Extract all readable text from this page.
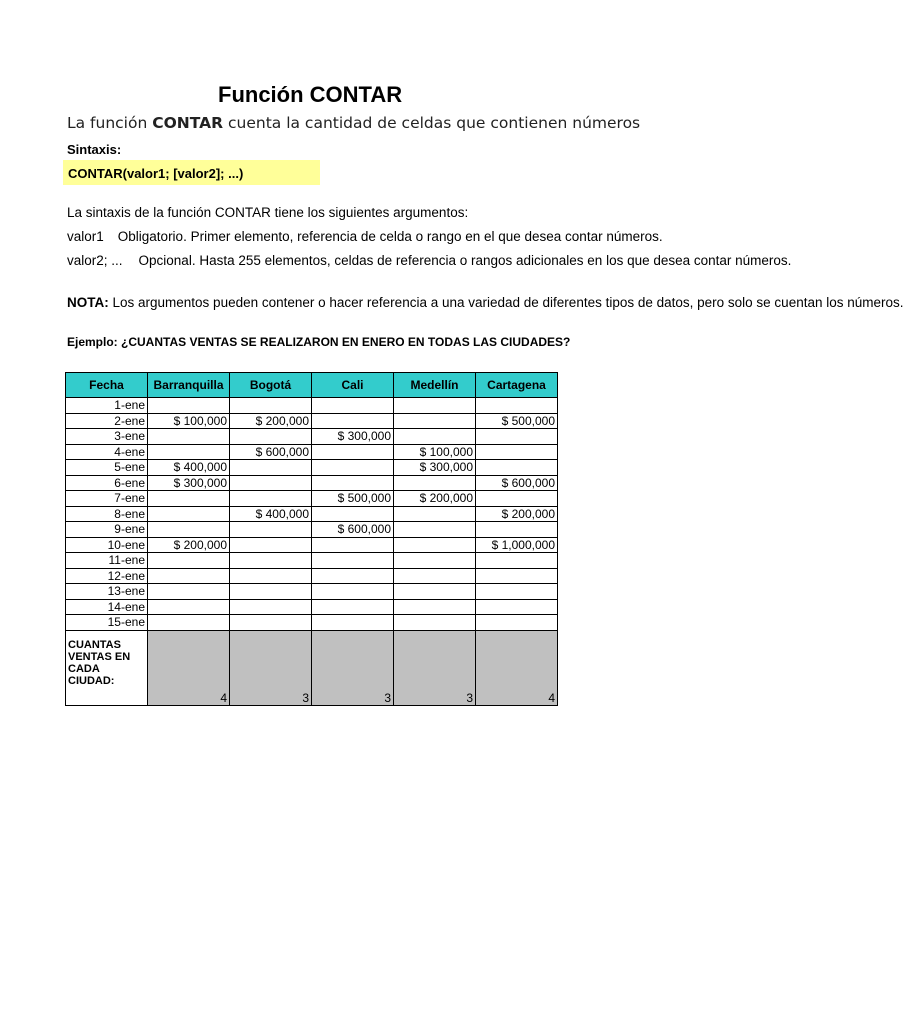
Función CONTAR
La función CONTAR cuenta la cantidad de celdas que contienen números
Sintaxis:
CONTAR(valor1; [valor2]; ...)
La sintaxis de la función CONTAR tiene los siguientes argumentos:
valor1 Obligatorio. Primer elemento, referencia de celda o rango en el que desea contar números.
valor2; ... Opcional. Hasta 255 elementos, celdas de referencia o rangos adicionales en los que desea contar números.
NOTA: Los argumentos pueden contener o hacer referencia a una variedad de diferentes tipos de datos, pero solo se cuentan los números.
Ejemplo: ¿CUANTAS VENTAS SE REALIZARON EN ENERO EN TODAS LAS CIUDADES?
Fecha	Barranquilla	Bogotá	Cali	Medellín	Cartagena
1-ene					
2-ene	$ 100,000	$ 200,000			$ 500,000
3-ene			$ 300,000		
4-ene		$ 600,000		$ 100,000	
5-ene	$ 400,000			$ 300,000	
6-ene	$ 300,000				$ 600,000
7-ene			$ 500,000	$ 200,000	
8-ene		$ 400,000			$ 200,000
9-ene			$ 600,000		
10-ene	$ 200,000				$ 1,000,000
11-ene					
12-ene					
13-ene					
14-ene					
15-ene					
CUANTAS VENTAS EN CADA CIUDAD:	4	3	3	3	4
